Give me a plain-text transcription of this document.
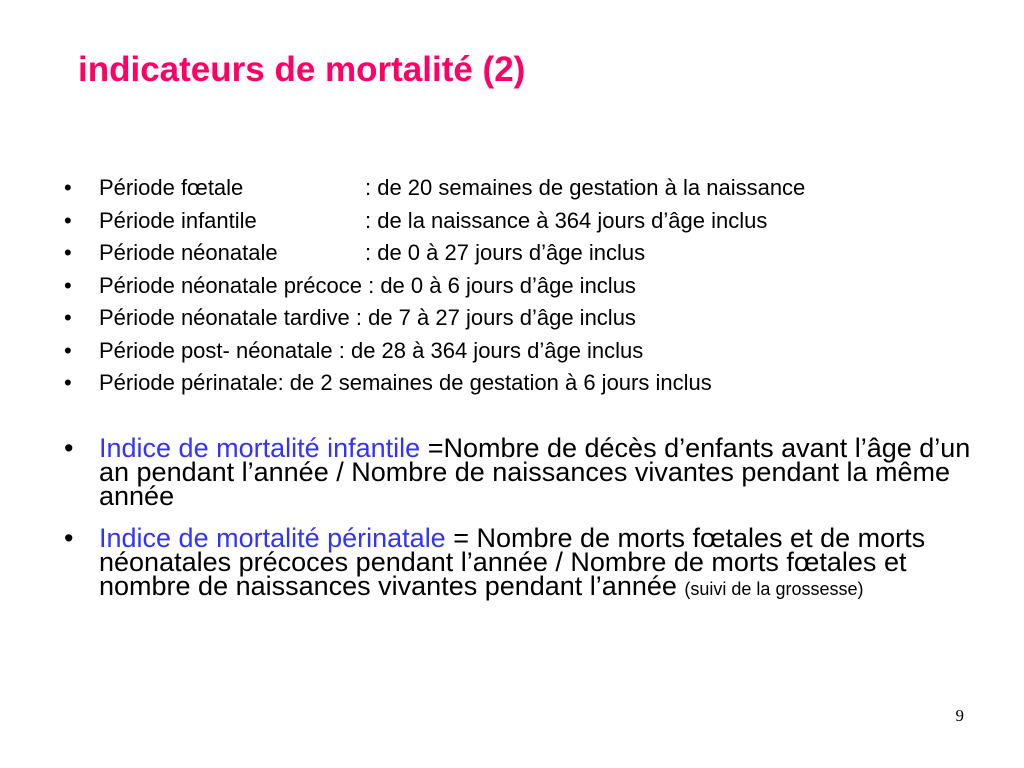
indicateurs de mortalité (2)
• Période fœtale	: de 20 semaines de gestation à la naissance
• Période infantile	: de la naissance à 364 jours d’âge inclus
• Période néonatale	: de 0 à 27 jours d’âge inclus
• Période néonatale précoce : de 0 à 6 jours d’âge inclus
• Période néonatale tardive : de 7 à 27 jours d’âge inclus
• Période post- néonatale : de 28 à 364 jours d’âge inclus
• Période périnatale: de 2 semaines de gestation à 6 jours inclus
• Indice de mortalité infantile =Nombre de décès d’enfants avant l’âge d’un an pendant l’année / Nombre de naissances vivantes pendant la même année
• Indice de mortalité périnatale = Nombre de morts fœtales et de morts néonatales précoces pendant l’année / Nombre de morts fœtales et nombre de naissances vivantes pendant l’année (suivi de la grossesse)
9
